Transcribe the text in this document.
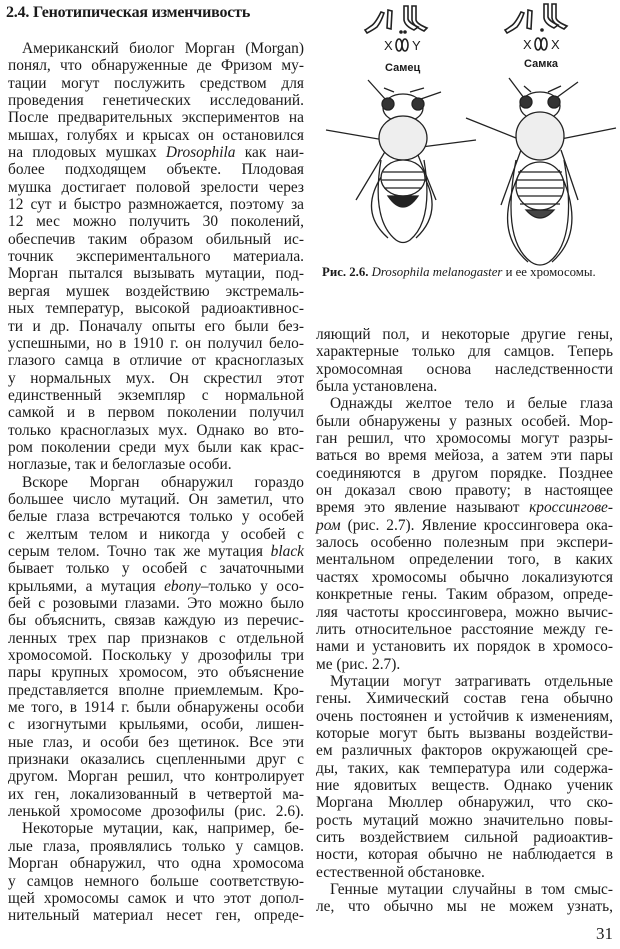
2.4. Генотипическая изменчивость
Американский биолог Морган (Morgan)
понял, что обнаруженные де Фризом му-
тации могут послужить средством для
проведения генетических исследований.
После предварительных экспериментов на
мышах, голубях и крысах он остановился
на плодовых мушках Drosophila как наи-
более подходящем объекте. Плодовая
мушка достигает половой зрелости через
12 сут и быстро размножается, поэтому за
12 мес можно получить 30 поколений,
обеспечив таким образом обильный ис-
точник экспериментального материала.
Морган пытался вызывать мутации, под-
вергая мушек воздействию экстремаль-
ных температур, высокой радиоактивнос-
ти и др. Поначалу опыты его были без-
успешными, но в 1910 г. он получил бело-
глазого самца в отличие от красноглазых
у нормальных мух. Он скрестил этот
единственный экземпляр с нормальной
самкой и в первом поколении получил
только красноглазых мух. Однако во вто-
ром поколении среди мух были как крас-
ноглазые, так и белоглазые особи.
Вскоре Морган обнаружил гораздо
большее число мутаций. Он заметил, что
белые глаза встречаются только у особей
с желтым телом и никогда у особей с
серым телом. Точно так же мутация black
бывает только у особей с зачаточными
крыльями, а мутация ebony–только у осо-
бей с розовыми глазами. Это можно было
бы объяснить, связав каждую из перечис-
ленных трех пар признаков с отдельной
хромосомой. Поскольку у дрозофилы три
пары крупных хромосом, это объяснение
представляется вполне приемлемым. Кро-
ме того, в 1914 г. были обнаружены особи
с изогнутыми крыльями, особи, лишен-
ные глаз, и особи без щетинок. Все эти
признаки оказались сцепленными друг с
другом. Морган решил, что контролирует
их ген, локализованный в четвертой ма-
ленькой хромосоме дрозофилы (рис. 2.6).
Некоторые мутации, как, например, бе-
лые глаза, проявлялись только у самцов.
Морган обнаружил, что одна хромосома
у самцов немного больше соответствую-
щей хромосомы самок и что этот допол-
нительный материал несет ген, опреде-
ляющий пол, и некоторые другие гены,
характерные только для самцов. Теперь
хромосомная основа наследственности
была установлена.
Однажды желтое тело и белые глаза
были обнаружены у разных особей. Мор-
ган решил, что хромосомы могут разры-
ваться во время мейоза, а затем эти пары
соединяются в другом порядке. Позднее
он доказал свою правоту; в настоящее
время это явление называют кроссингове-
ром (рис. 2.7). Явление кроссинговера ока-
залось особенно полезным при экспери-
ментальном определении того, в каких
частях хромосомы обычно локализуются
конкретные гены. Таким образом, опреде-
ляя частоты кроссинговера, можно вычис-
лить относительное расстояние между ге-
нами и установить их порядок в хромосо-
ме (рис. 2.7).
Мутации могут затрагивать отдельные
гены. Химический состав гена обычно
очень постоянен и устойчив к изменениям,
которые могут быть вызваны воздействи-
ем различных факторов окружающей сре-
ды, таких, как температура или содержа-
ние ядовитых веществ. Однако ученик
Моргана Мюллер обнаружил, что ско-
рость мутаций можно значительно повы-
сить воздействием сильной радиоактив-
ности, которая обычно не наблюдается в
естественной обстановке.
Генные мутации случайны в том смыс-
ле, что обычно мы не можем узнать,
X Y	X X
Самец	Самка
Рис. 2.6. Drosophila melanogaster и ее хромосомы.
31
